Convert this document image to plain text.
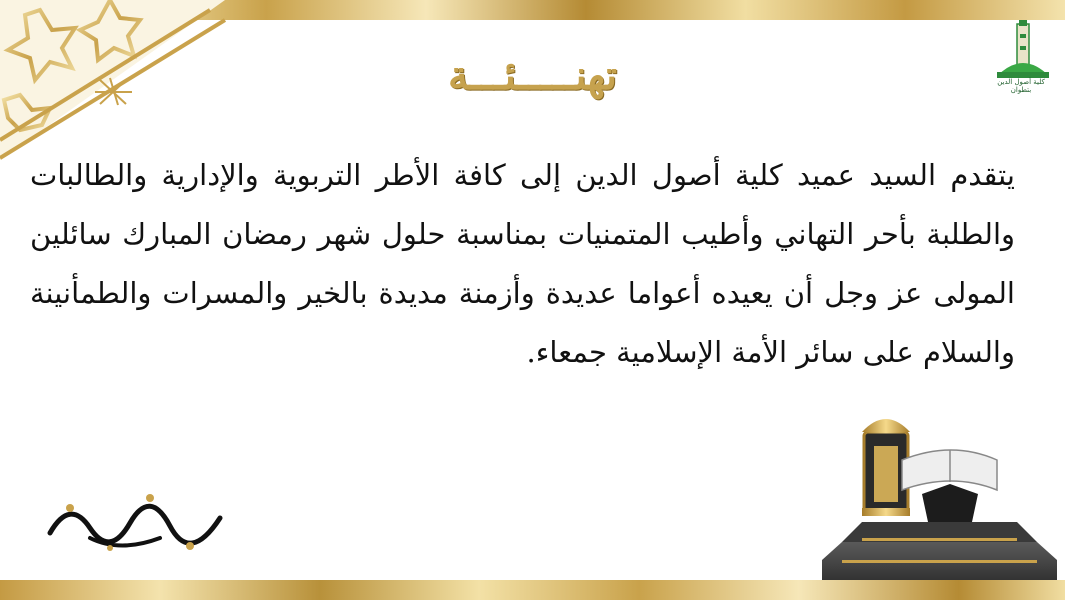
كلية أصول الدين بتطوان
تهنـــــئـــة
يتقدم السيد عميد كلية أصول الدين إلى كافة الأطر التربوية والإدارية والطالبات والطلبة بأحر التهاني وأطيب المتمنيات بمناسبة حلول شهر رمضان المبارك سائلين المولى عز وجل أن يعيده أعواما عديدة وأزمنة مديدة بالخير والمسرات والطمأنينة والسلام على سائر الأمة الإسلامية جمعاء.
